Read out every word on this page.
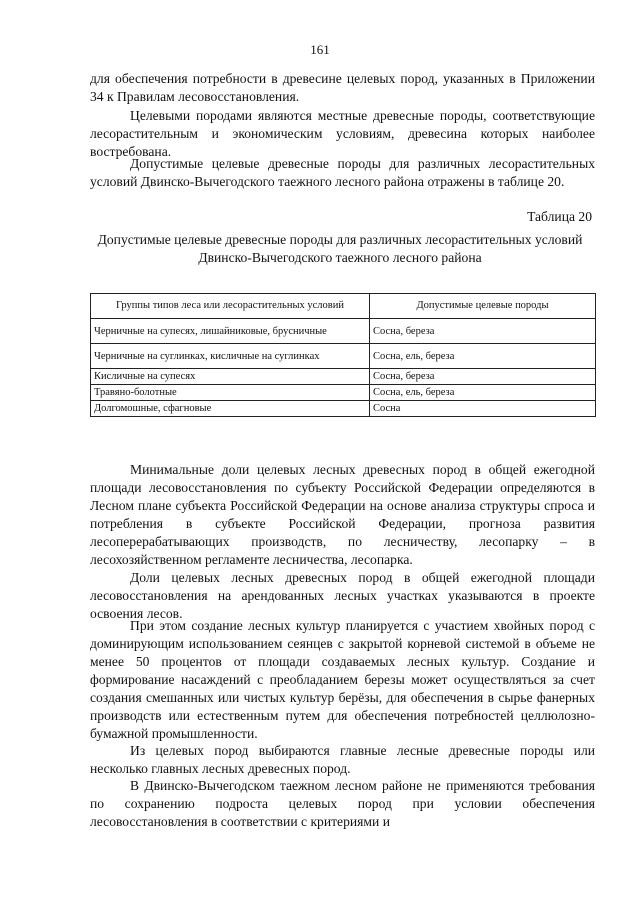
161

для обеспечения потребности в древесине целевых пород, указанных в Приложении 34 к Правилам лесовосстановления.

Целевыми породами являются местные древесные породы, соответствующие лесорастительным и экономическим условиям, древесина которых наиболее востребована.

Допустимые целевые древесные породы для различных лесорастительных условий Двинско-Вычегодского таежного лесного района отражены в таблице 20.

Таблица 20
Допустимые целевые древесные породы для различных лесорастительных условий Двинско-Вычегодского таежного лесного района
Группы типов леса или лесорастительных условий	Допустимые целевые породы
Черничные на супесях, лишайниковые, брусничные	Сосна, береза
Черничные на суглинках, кисличные на суглинках	Сосна, ель, береза
Кисличные на супесях	Сосна, береза
Травяно-болотные	Сосна, ель, береза
Долгомошные, сфагновые	Сосна

Минимальные доли целевых лесных древесных пород в общей ежегодной площади лесовосстановления по субъекту Российской Федерации определяются в Лесном плане субъекта Российской Федерации на основе анализа структуры спроса и потребления в субъекте Российской Федерации, прогноза развития лесоперерабатывающих производств, по лесничеству, лесопарку – в лесохозяйственном регламенте лесничества, лесопарка.

Доли целевых лесных древесных пород в общей ежегодной площади лесовосстановления на арендованных лесных участках указываются в проекте освоения лесов.

При этом создание лесных культур планируется с участием хвойных пород с доминирующим использованием сеянцев с закрытой корневой системой в объеме не менее 50 процентов от площади создаваемых лесных культур. Создание и формирование насаждений с преобладанием березы может осуществляться за счет создания смешанных или чистых культур берёзы, для обеспечения в сырье фанерных производств или естественным путем для обеспечения потребностей целлюлозно-бумажной промышленности.

Из целевых пород выбираются главные лесные древесные породы или несколько главных лесных древесных пород.

В Двинско-Вычегодском таежном лесном районе не применяются требования по сохранению подроста целевых пород при условии обеспечения лесовосстановления в соответствии с критериями и
